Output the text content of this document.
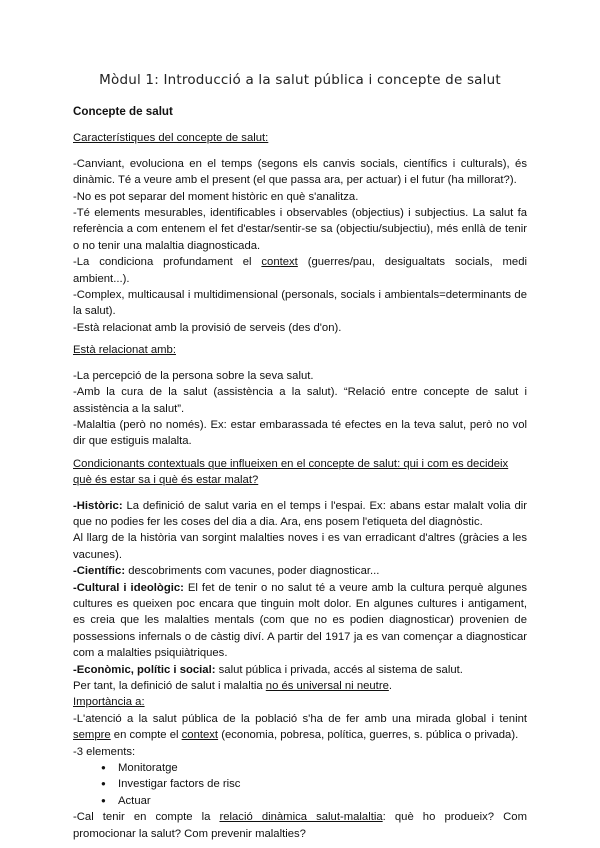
Mòdul 1: Introducció a la salut pública i concepte de salut
Concepte de salut
Característiques del concepte de salut:

-Canviant, evoluciona en el temps (segons els canvis socials, científics i culturals), és dinàmic. Té a veure amb el present (el que passa ara, per actuar) i el futur (ha millorat?).

-No es pot separar del moment històric en què s'analitza.

-Té elements mesurables, identificables i observables (objectius) i subjectius. La salut fa referència a com entenem el fet d'estar/sentir-se sa (objectiu/subjectiu), més enllà de tenir o no tenir una malaltia diagnosticada.

-La condiciona profundament el context (guerres/pau, desigualtats socials, medi ambient...).

-Complex, multicausal i multidimensional (personals, socials i ambientals=determinants de la salut).

-Està relacionat amb la provisió de serveis (des d'on).

Està relacionat amb:

-La percepció de la persona sobre la seva salut.

-Amb la cura de la salut (assistència a la salut). “Relació entre concepte de salut i assistència a la salut”.

-Malaltia (però no només). Ex: estar embarassada té efectes en la teva salut, però no vol dir que estiguis malalta.

Condicionants contextuals que influeixen en el concepte de salut: qui i com es decideix què és estar sa i què és estar malat?

-Històric: La definició de salut varia en el temps i l'espai. Ex: abans estar malalt volia dir que no podies fer les coses del dia a dia. Ara, ens posem l'etiqueta del diagnòstic.

Al llarg de la història van sorgint malalties noves i es van erradicant d'altres (gràcies a les vacunes).

-Científic: descobriments com vacunes, poder diagnosticar...

-Cultural i ideològic: El fet de tenir o no salut té a veure amb la cultura perquè algunes cultures es queixen poc encara que tinguin molt dolor. En algunes cultures i antigament, es creia que les malalties mentals (com que no es podien diagnosticar) provenien de possessions infernals o de càstig diví. A partir del 1917 ja es van començar a diagnosticar com a malalties psiquiàtriques.

-Econòmic, polític i social: salut pública i privada, accés al sistema de salut.

Per tant, la definició de salut i malaltia no és universal ni neutre.

Importància a:

-L'atenció a la salut pública de la població s'ha de fer amb una mirada global i tenint sempre en compte el context (economia, pobresa, política, guerres, s. pública o privada).

-3 elements:

● Monitoratge
● Investigar factors de risc
● Actuar

-Cal tenir en compte la relació dinàmica salut-malaltia: què ho produeix? Com promocionar la salut? Com prevenir malalties?
